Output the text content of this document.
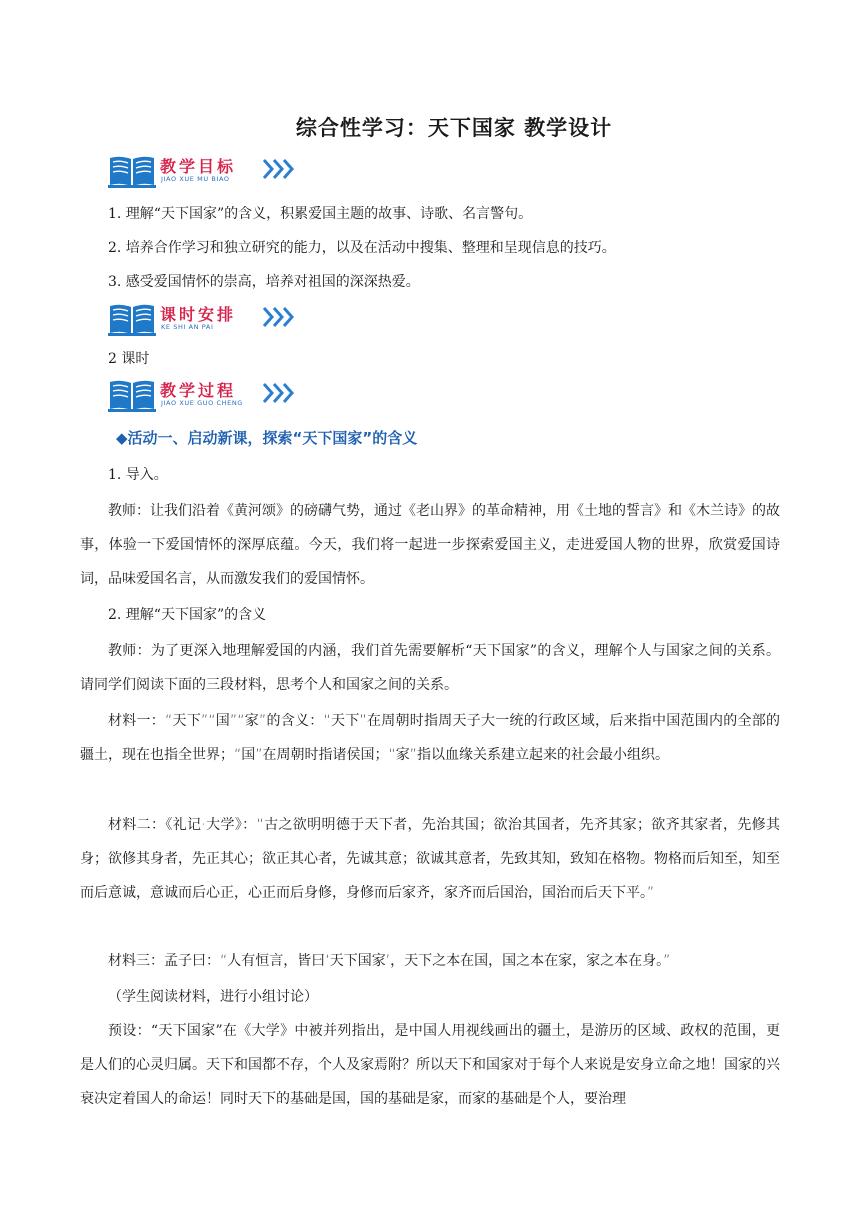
综合性学习：天下国家 教学设计
教学目标
JIAO XUE MU BIAO
1. 理解“天下国家”的含义，积累爱国主题的故事、诗歌、名言警句。
2. 培养合作学习和独立研究的能力，以及在活动中搜集、整理和呈现信息的技巧。
3. 感受爱国情怀的崇高，培养对祖国的深深热爱。
课时安排
KE SHI AN PAI
2 课时
教学过程
JIAO XUE GUO CHENG
◆活动一、启动新课，探索“天下国家”的含义
1. 导入。
教师：让我们沿着《黄河颂》的磅礴气势，通过《老山界》的革命精神，用《土地的誓言》和《木兰诗》的故事，体验一下爱国情怀的深厚底蕴。今天，我们将一起进一步探索爱国主义，走进爱国人物的世界，欣赏爱国诗词，品味爱国名言，从而激发我们的爱国情怀。
2. 理解“天下国家”的含义
教师：为了更深入地理解爱国的内涵，我们首先需要解析“天下国家”的含义，理解个人与国家之间的关系。请同学们阅读下面的三段材料，思考个人和国家之间的关系。
材料一：“天下”“国”“家”的含义：“天下”在周朝时指周天子大一统的行政区域，后来指中国范围内的全部的疆土，现在也指全世界；“国”在周朝时指诸侯国；“家”指以血缘关系建立起来的社会最小组织。
材料二：《礼记·大学》：“古之欲明明德于天下者，先治其国；欲治其国者，先齐其家；欲齐其家者，先修其身；欲修其身者，先正其心；欲正其心者，先诚其意；欲诚其意者，先致其知，致知在格物。物格而后知至，知至而后意诚，意诚而后心正，心正而后身修，身修而后家齐，家齐而后国治，国治而后天下平。”
材料三：孟子曰：“人有恒言，皆曰‘天下国家’，天下之本在国，国之本在家，家之本在身。”
（学生阅读材料，进行小组讨论）
预设：“天下国家”在《大学》中被并列指出，是中国人用视线画出的疆土，是游历的区域、政权的范围，更是人们的心灵归属。天下和国都不存，个人及家焉附？所以天下和国家对于每个人来说是安身立命之地！国家的兴衰决定着国人的命运！同时天下的基础是国，国的基础是家，而家的基础是个人，要治理
